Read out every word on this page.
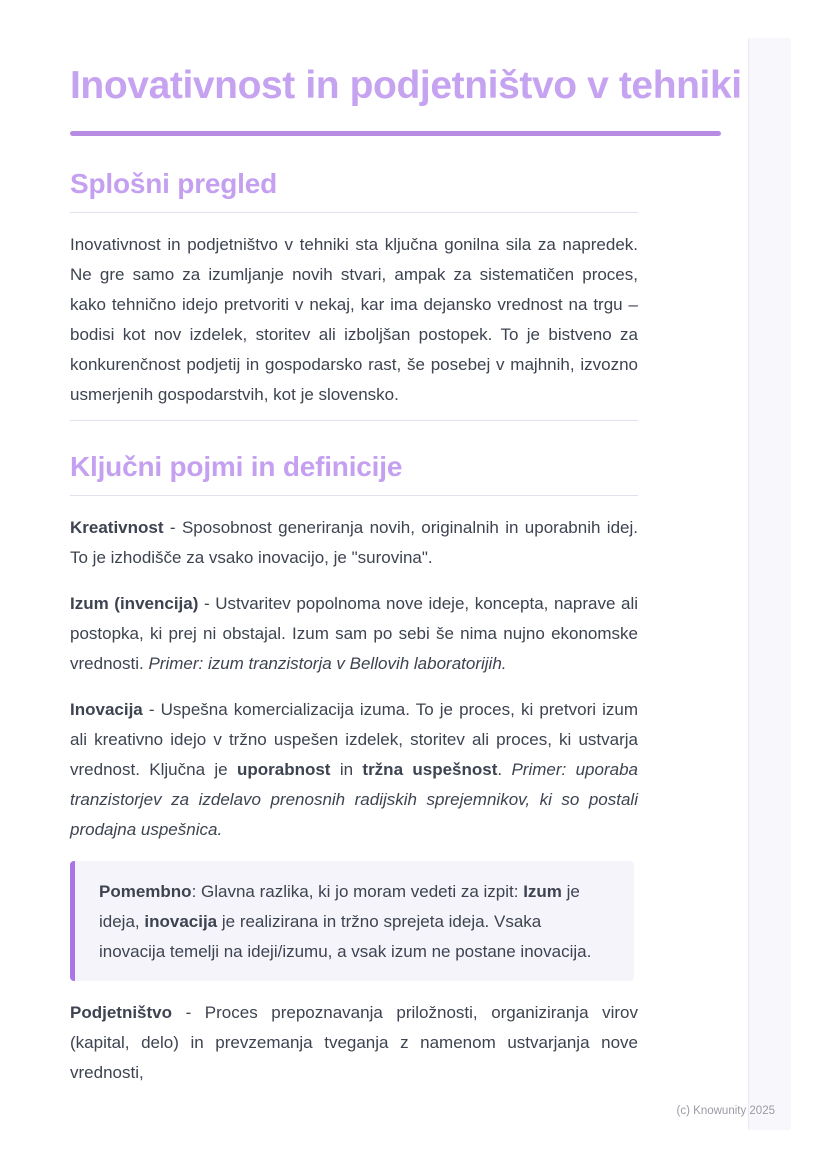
Inovativnost in podjetništvo v tehniki
Splošni pregled

Inovativnost in podjetništvo v tehniki sta ključna gonilna sila za napredek. Ne gre samo za izumljanje novih stvari, ampak za sistematičen proces, kako tehnično idejo pretvoriti v nekaj, kar ima dejansko vrednost na trgu – bodisi kot nov izdelek, storitev ali izboljšan postopek. To je bistveno za konkurenčnost podjetij in gospodarsko rast, še posebej v majhnih, izvozno usmerjenih gospodarstvih, kot je slovensko.

Ključni pojmi in definicije

Kreativnost - Sposobnost generiranja novih, originalnih in uporabnih idej. To je izhodišče za vsako inovacijo, je "surovina".

Izum (invencija) - Ustvaritev popolnoma nove ideje, koncepta, naprave ali postopka, ki prej ni obstajal. Izum sam po sebi še nima nujno ekonomske vrednosti. Primer: izum tranzistorja v Bellovih laboratorijih.

Inovacija - Uspešna komercializacija izuma. To je proces, ki pretvori izum ali kreativno idejo v tržno uspešen izdelek, storitev ali proces, ki ustvarja vrednost. Ključna je uporabnost in tržna uspešnost. Primer: uporaba tranzistorjev za izdelavo prenosnih radijskih sprejemnikov, ki so postali prodajna uspešnica.

Pomembno: Glavna razlika, ki jo moram vedeti za izpit: Izum je ideja, inovacija je realizirana in tržno sprejeta ideja. Vsaka inovacija temelji na ideji/izumu, a vsak izum ne postane inovacija.

Podjetništvo - Proces prepoznavanja priložnosti, organiziranja virov (kapital, delo) in prevzemanja tveganja z namenom ustvarjanja nove vrednosti,

(c) Knowunity 2025
